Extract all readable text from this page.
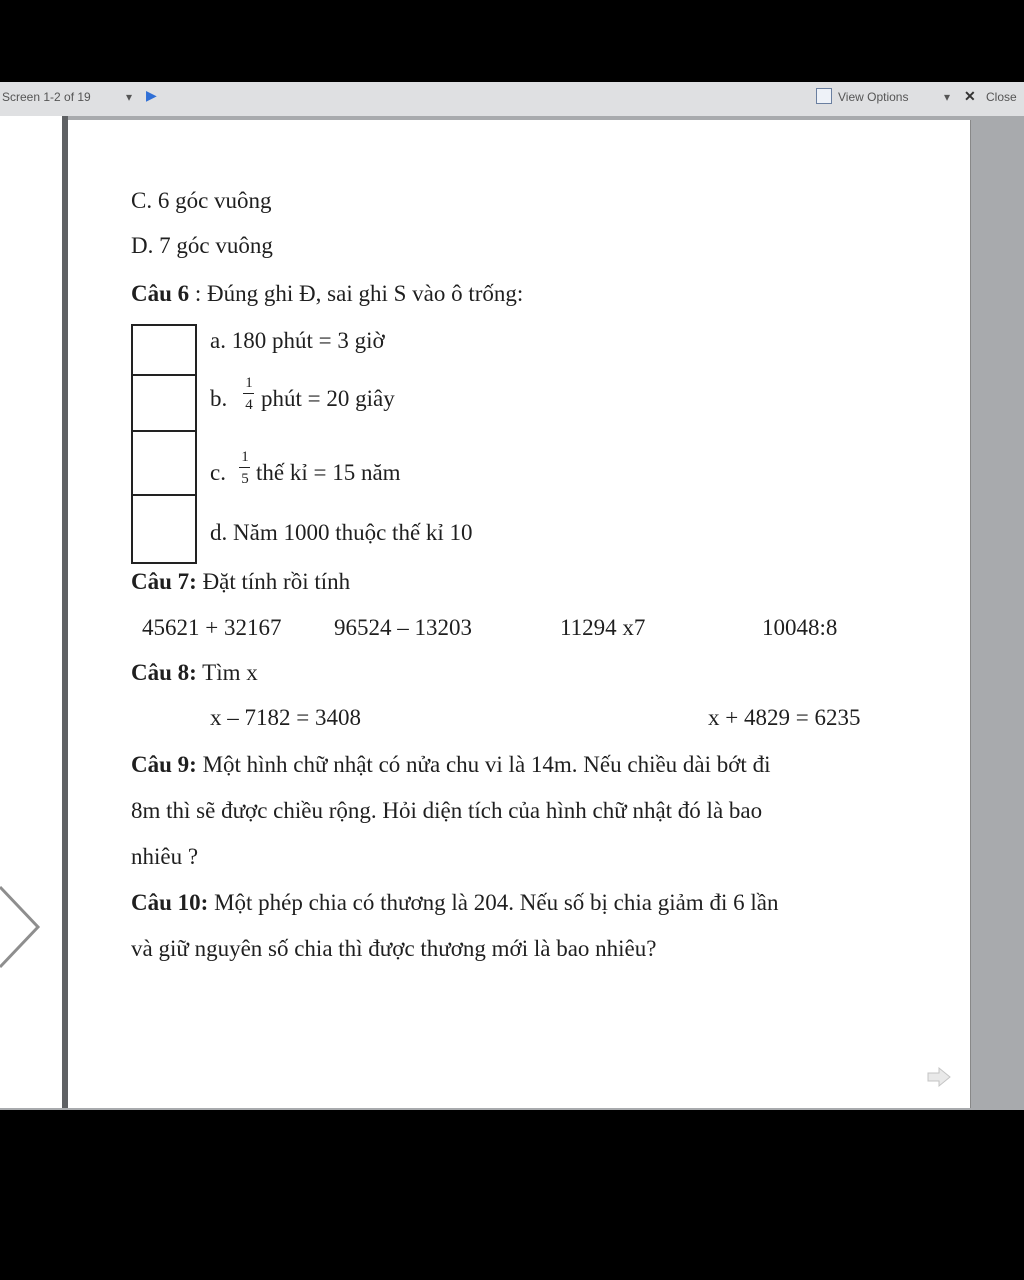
Screen 1-2 of 19	▾ ▶	View Options	▾ ✕ Close
C. 6 góc vuông
D. 7 góc vuông
Câu 6 : Đúng ghi Đ, sai ghi S vào ô trống:
a. 180 phút = 3 giờ
b.
1
4 phút = 20 giây
c.
1
5 thế kỉ = 15 năm
d. Năm 1000 thuộc thế kỉ 10
Câu 7: Đặt tính rồi tính
45621 + 32167 96524 – 13203	11294 x7	10048:8
Câu 8: Tìm x
x – 7182 = 3408	x + 4829 = 6235
Câu 9: Một hình chữ nhật có nửa chu vi là 14m. Nếu chiều dài bớt đi
8m thì sẽ được chiều rộng. Hỏi diện tích của hình chữ nhật đó là bao
nhiêu ?
Câu 10: Một phép chia có thương là 204. Nếu số bị chia giảm đi 6 lần
và giữ nguyên số chia thì được thương mới là bao nhiêu?
